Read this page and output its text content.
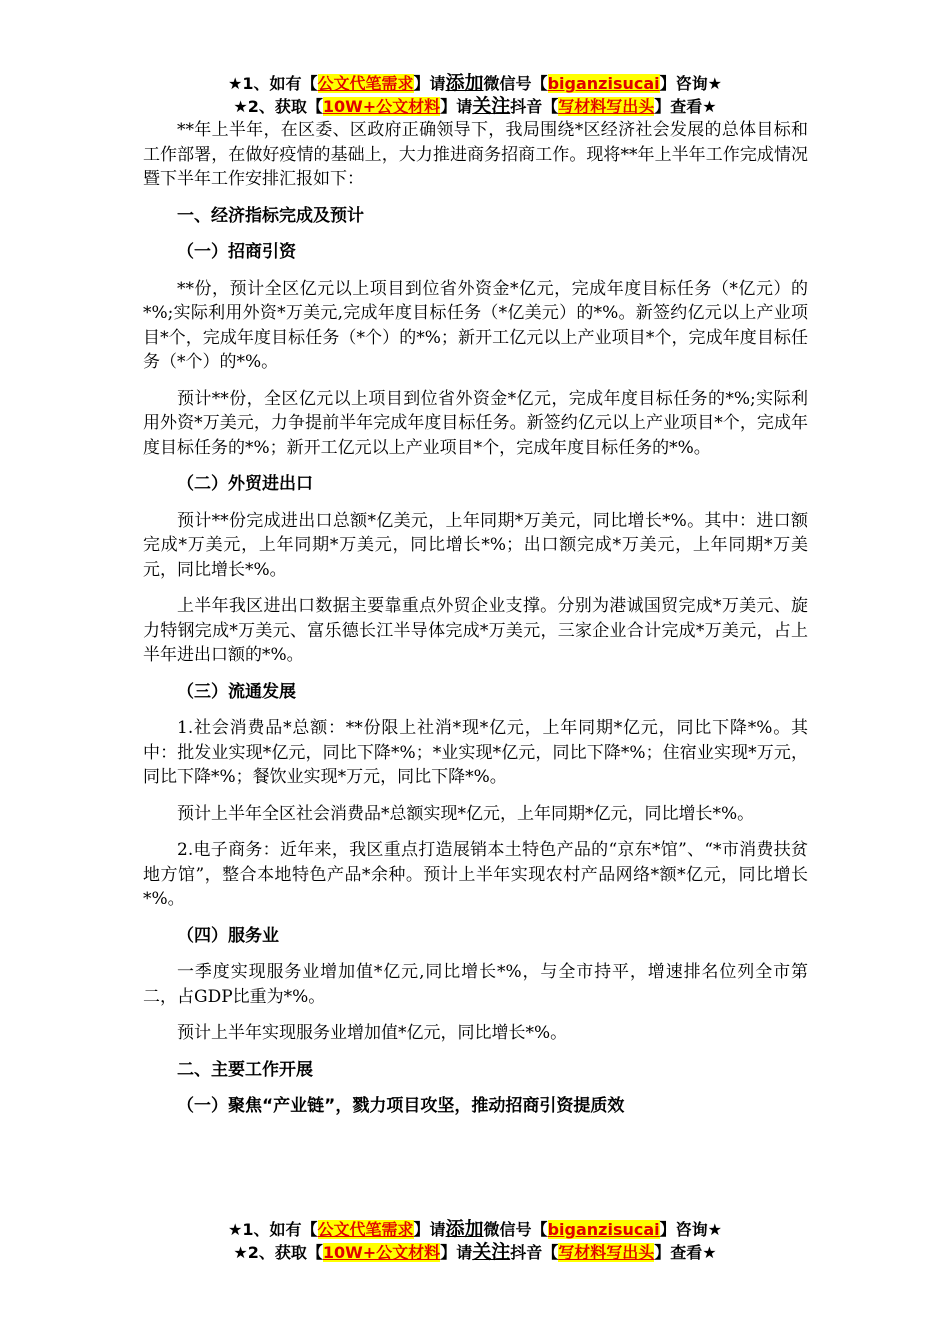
★1、如有【公文代笔需求】请添加微信号【biganzisucai】咨询★
★2、获取【10W+公文材料】请关注抖音【写材料写出头】查看★

**年上半年，在区委、区政府正确领导下，我局围绕*区经济社会发展的总体目标和工作部署，在做好疫情的基础上，大力推进商务招商工作。现将**年上半年工作完成情况暨下半年工作安排汇报如下：

一、经济指标完成及预计

（一）招商引资

**份，预计全区亿元以上项目到位省外资金*亿元，完成年度目标任务（*亿元）的*%;实际利用外资*万美元,完成年度目标任务（*亿美元）的*%。新签约亿元以上产业项目*个，完成年度目标任务（*个）的*%；新开工亿元以上产业项目*个，完成年度目标任务（*个）的*%。

预计**份，全区亿元以上项目到位省外资金*亿元，完成年度目标任务的*%;实际利用外资*万美元，力争提前半年完成年度目标任务。新签约亿元以上产业项目*个，完成年度目标任务的*%；新开工亿元以上产业项目*个，完成年度目标任务的*%。

（二）外贸进出口

预计**份完成进出口总额*亿美元，上年同期*万美元，同比增长*%。其中：进口额完成*万美元，上年同期*万美元，同比增长*%；出口额完成*万美元，上年同期*万美元，同比增长*%。

上半年我区进出口数据主要靠重点外贸企业支撑。分别为港诚国贸完成*万美元、旋力特钢完成*万美元、富乐德长江半导体完成*万美元，三家企业合计完成*万美元，占上半年进出口额的*%。

（三）流通发展

1.社会消费品*总额：**份限上社消*现*亿元，上年同期*亿元，同比下降*%。其中：批发业实现*亿元，同比下降*%；*业实现*亿元，同比下降*%；住宿业实现*万元，同比下降*%；餐饮业实现*万元，同比下降*%。

预计上半年全区社会消费品*总额实现*亿元，上年同期*亿元，同比增长*%。

2.电子商务：近年来，我区重点打造展销本土特色产品的“京东*馆”、“*市消费扶贫地方馆”，整合本地特色产品*余种。预计上半年实现农村产品网络*额*亿元，同比增长*%。

（四）服务业

一季度实现服务业增加值*亿元,同比增长*%，与全市持平，增速排名位列全市第二，占GDP比重为*%。

预计上半年实现服务业增加值*亿元，同比增长*%。

二、主要工作开展

（一）聚焦“产业链”，戮力项目攻坚，推动招商引资提质效

★1、如有【公文代笔需求】请添加微信号【biganzisucai】咨询★
★2、获取【10W+公文材料】请关注抖音【写材料写出头】查看★
